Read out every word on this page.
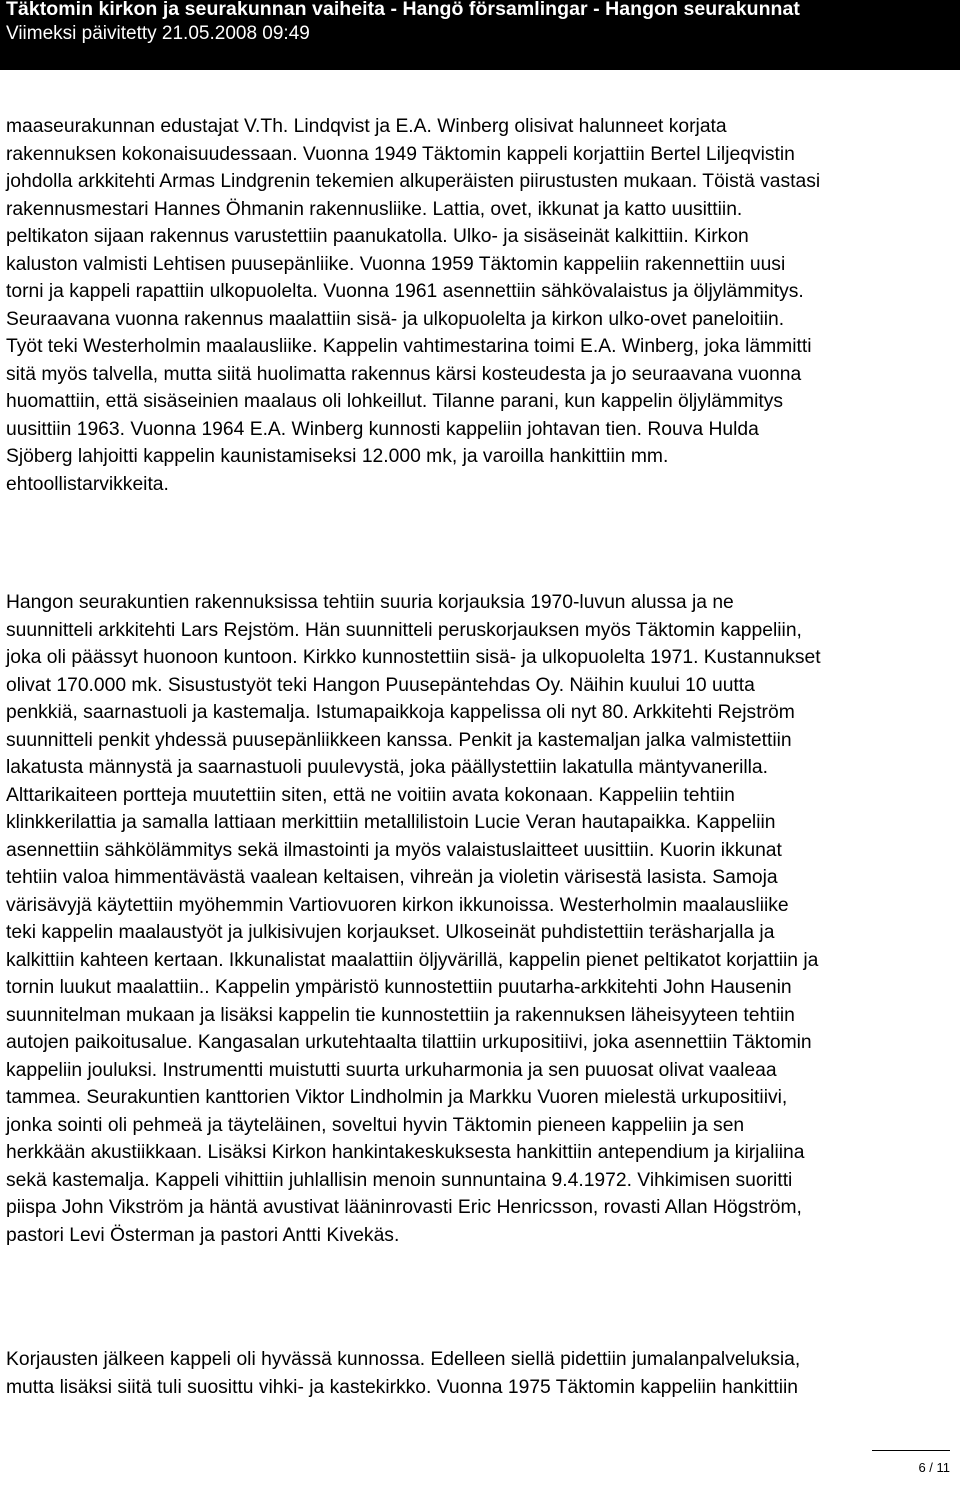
Täktomin kirkon ja seurakunnan vaiheita - Hangö församlingar - Hangon seurakunnat
Viimeksi päivitetty 21.05.2008 09:49
maaseurakunnan edustajat V.Th. Lindqvist ja E.A. Winberg olisivat halunneet korjata
rakennuksen kokonaisuudessaan. Vuonna 1949 Täktomin kappeli korjattiin Bertel Liljeqvistin
johdolla arkkitehti Armas Lindgrenin tekemien alkuperäisten piirustusten mukaan. Töistä vastasi
rakennusmestari Hannes Öhmanin rakennusliike. Lattia, ovet, ikkunat ja katto uusittiin.
peltikaton sijaan rakennus varustettiin paanukatolla. Ulko- ja sisäseinät kalkittiin. Kirkon
kaluston valmisti Lehtisen puusepänliike. Vuonna 1959 Täktomin kappeliin rakennettiin uusi
torni ja kappeli rapattiin ulkopuolelta. Vuonna 1961 asennettiin sähkövalaistus ja öljylämmitys.
Seuraavana vuonna rakennus maalattiin sisä- ja ulkopuolelta ja kirkon ulko-ovet paneloitiin.
Työt teki Westerholmin maalausliike. Kappelin vahtimestarina toimi E.A. Winberg, joka lämmitti
sitä myös talvella, mutta siitä huolimatta rakennus kärsi kosteudesta ja jo seuraavana vuonna
huomattiin, että sisäseinien maalaus oli lohkeillut. Tilanne parani, kun kappelin öljylämmitys
uusittiin 1963. Vuonna 1964 E.A. Winberg kunnosti kappeliin johtavan tien. Rouva Hulda
Sjöberg lahjoitti kappelin kaunistamiseksi 12.000 mk, ja varoilla hankittiin mm.
ehtoollistarvikkeita.
Hangon seurakuntien rakennuksissa tehtiin suuria korjauksia 1970-luvun alussa ja ne
suunnitteli arkkitehti Lars Rejstöm. Hän suunnitteli peruskorjauksen myös Täktomin kappeliin,
joka oli päässyt huonoon kuntoon. Kirkko kunnostettiin sisä- ja ulkopuolelta 1971. Kustannukset
olivat 170.000 mk. Sisustustyöt teki Hangon Puusepäntehdas Oy. Näihin kuului 10 uutta
penkkiä, saarnastuoli ja kastemalja. Istumapaikkoja kappelissa oli nyt 80. Arkkitehti Rejström
suunnitteli penkit yhdessä puusepänliikkeen kanssa. Penkit ja kastemaljan jalka valmistettiin
lakatusta männystä ja saarnastuoli puulevystä, joka päällystettiin lakatulla mäntyvanerilla.
Alttarikaiteen portteja muutettiin siten, että ne voitiin avata kokonaan. Kappeliin tehtiin
klinkkerilattia ja samalla lattiaan merkittiin metallilistoin Lucie Veran hautapaikka. Kappeliin
asennettiin sähkölämmitys sekä ilmastointi ja myös valaistuslaitteet uusittiin. Kuorin ikkunat
tehtiin valoa himmentävästä vaalean keltaisen, vihreän ja violetin värisestä lasista. Samoja
värisävyjä käytettiin myöhemmin Vartiovuoren kirkon ikkunoissa. Westerholmin maalausliike
teki kappelin maalaustyöt ja julkisivujen korjaukset. Ulkoseinät puhdistettiin teräsharjalla ja
kalkittiin kahteen kertaan. Ikkunalistat maalattiin öljyvärillä, kappelin pienet peltikatot korjattiin ja
tornin luukut maalattiin.. Kappelin ympäristö kunnostettiin puutarha-arkkitehti John Hausenin
suunnitelman mukaan ja lisäksi kappelin tie kunnostettiin ja rakennuksen läheisyyteen tehtiin
autojen paikoitusalue. Kangasalan urkutehtaalta tilattiin urkupositiivi, joka asennettiin Täktomin
kappeliin jouluksi. Instrumentti muistutti suurta urkuharmonia ja sen puuosat olivat vaaleaa
tammea. Seurakuntien kanttorien Viktor Lindholmin ja Markku Vuoren mielestä urkupositiivi,
jonka sointi oli pehmeä ja täyteläinen, soveltui hyvin Täktomin pieneen kappeliin ja sen
herkkään akustiikkaan. Lisäksi Kirkon hankintakeskuksesta hankittiin antependium ja kirjaliina
sekä kastemalja. Kappeli vihittiin juhlallisin menoin sunnuntaina 9.4.1972. Vihkimisen suoritti
piispa John Vikström ja häntä avustivat lääninrovasti Eric Henricsson, rovasti Allan Högström,
pastori Levi Österman ja pastori Antti Kivekäs.
Korjausten jälkeen kappeli oli hyvässä kunnossa. Edelleen siellä pidettiin jumalanpalveluksia,
mutta lisäksi siitä tuli suosittu vihki- ja kastekirkko. Vuonna 1975 Täktomin kappeliin hankittiin
6 / 11
